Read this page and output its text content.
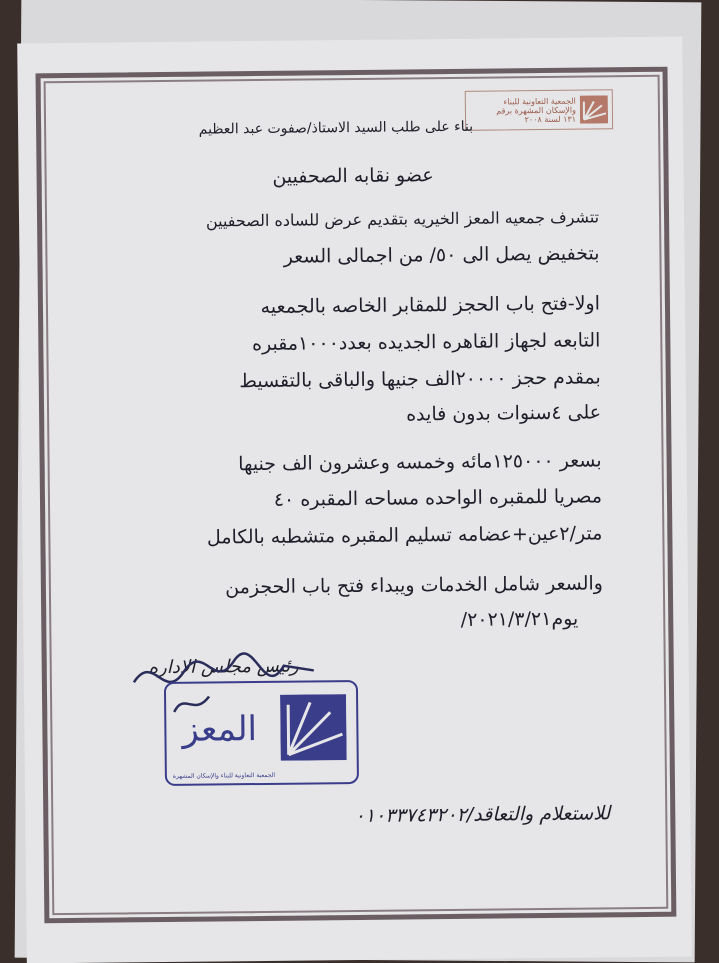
الجمعية التعاونية للبناء
والإسكان المشهرة برقم
١٣١ لسنة ٢٠٠٨
بناء على طلب السيد الاستاذ/صفوت عبد العظيم
عضو نقابه الصحفيين
تتشرف جمعيه المعز الخيريه بتقديم عرض للساده الصحفيين
بتخفيض يصل الى ٥٠/ من اجمالى السعر
اولا-فتح باب الحجز للمقابر الخاصه بالجمعيه
التابعه لجهاز القاهره الجديده بعدد١٠٠٠مقبره
بمقدم حجز ٢٠٠٠٠الف جنيها والباقى بالتقسيط
على ٤سنوات بدون فايده
بسعر ١٢٥٠٠٠مائه وخمسه وعشرون الف جنيها
مصريا للمقبره الواحده مساحه المقبره ٤٠
متر/٢عين+عضامه تسليم المقبره متشطبه بالكامل
والسعر شامل الخدمات ويبداء فتح باب الحجزمن
يوم٢٠٢١/٣/٢١/
رئيس مجلس الاداره
المعز
الجمعية التعاونية للبناء والإسكان المشهرة
للاستعلام والتعاقد/٠١٠٣٣٧٤٣٢٠٢
